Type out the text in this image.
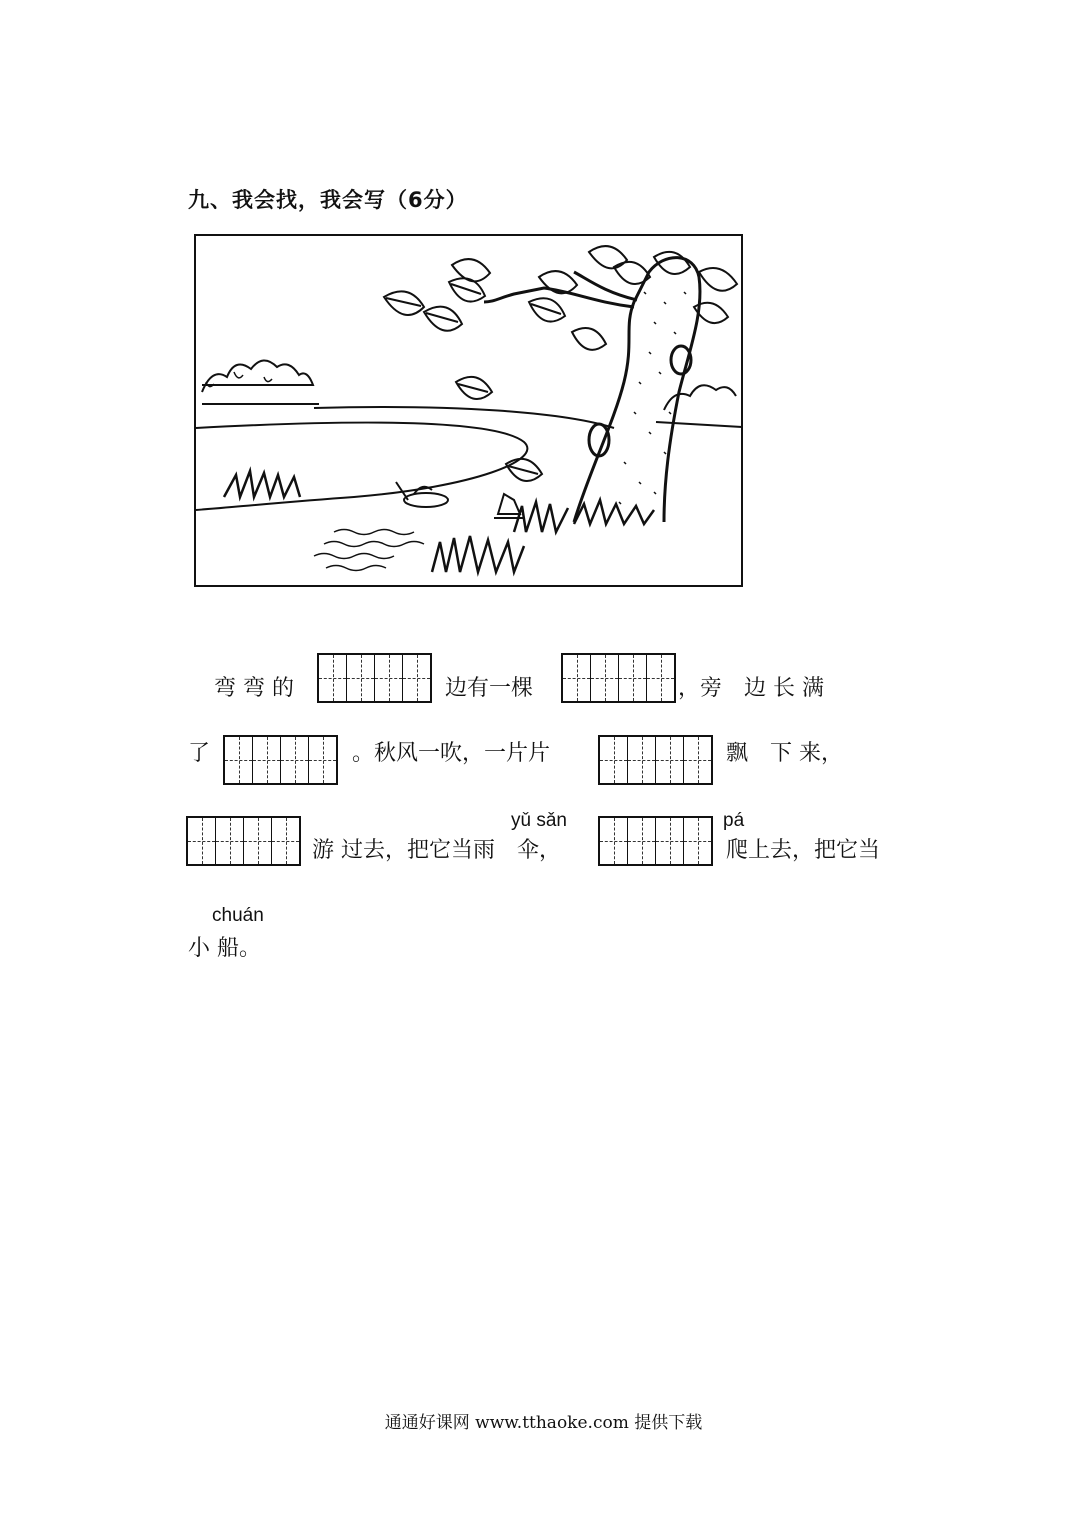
九、我会找，我会写（6分）
弯 弯 的	边有一棵	，旁　边 长 满
了	。秋风一吹，一片片	飘　下 来，
yǔ sǎn	pá
游 过去，把它当雨　伞，	爬上去，把它当
chuán
小 船。
通通好课网 www.tthaoke.com 提供下载
